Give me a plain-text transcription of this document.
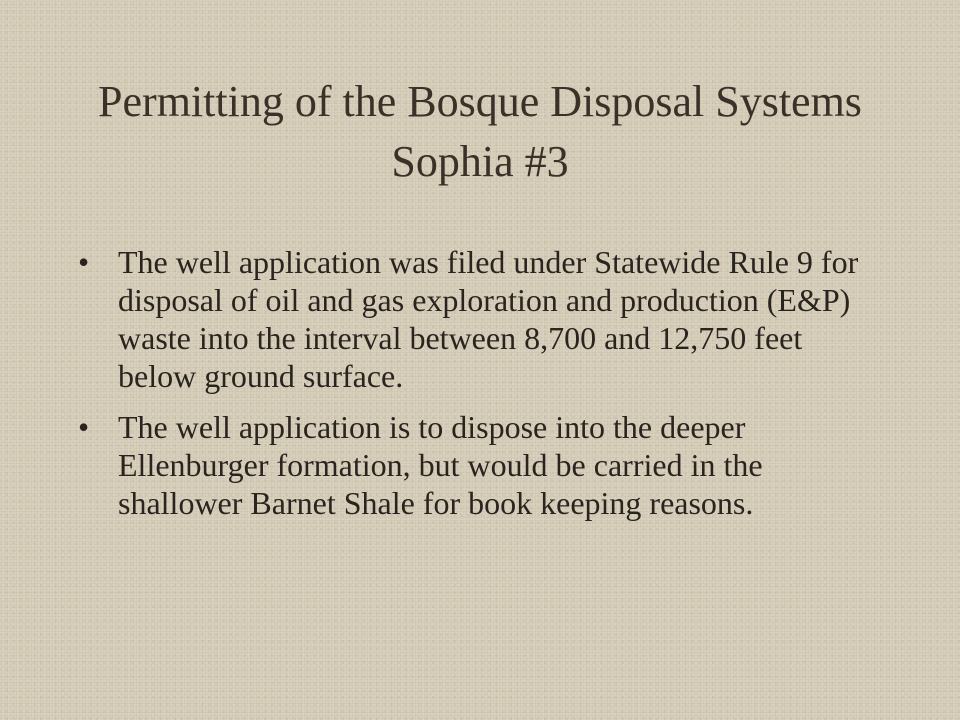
Permitting of the Bosque Disposal Systems Sophia #3
• The well application was filed under Statewide Rule 9 for disposal of oil and gas exploration and production (E&P) waste into the interval between 8,700 and 12,750 feet below ground surface.
• The well application is to dispose into the deeper Ellenburger formation, but would be carried in the shallower Barnet Shale for book keeping reasons.
